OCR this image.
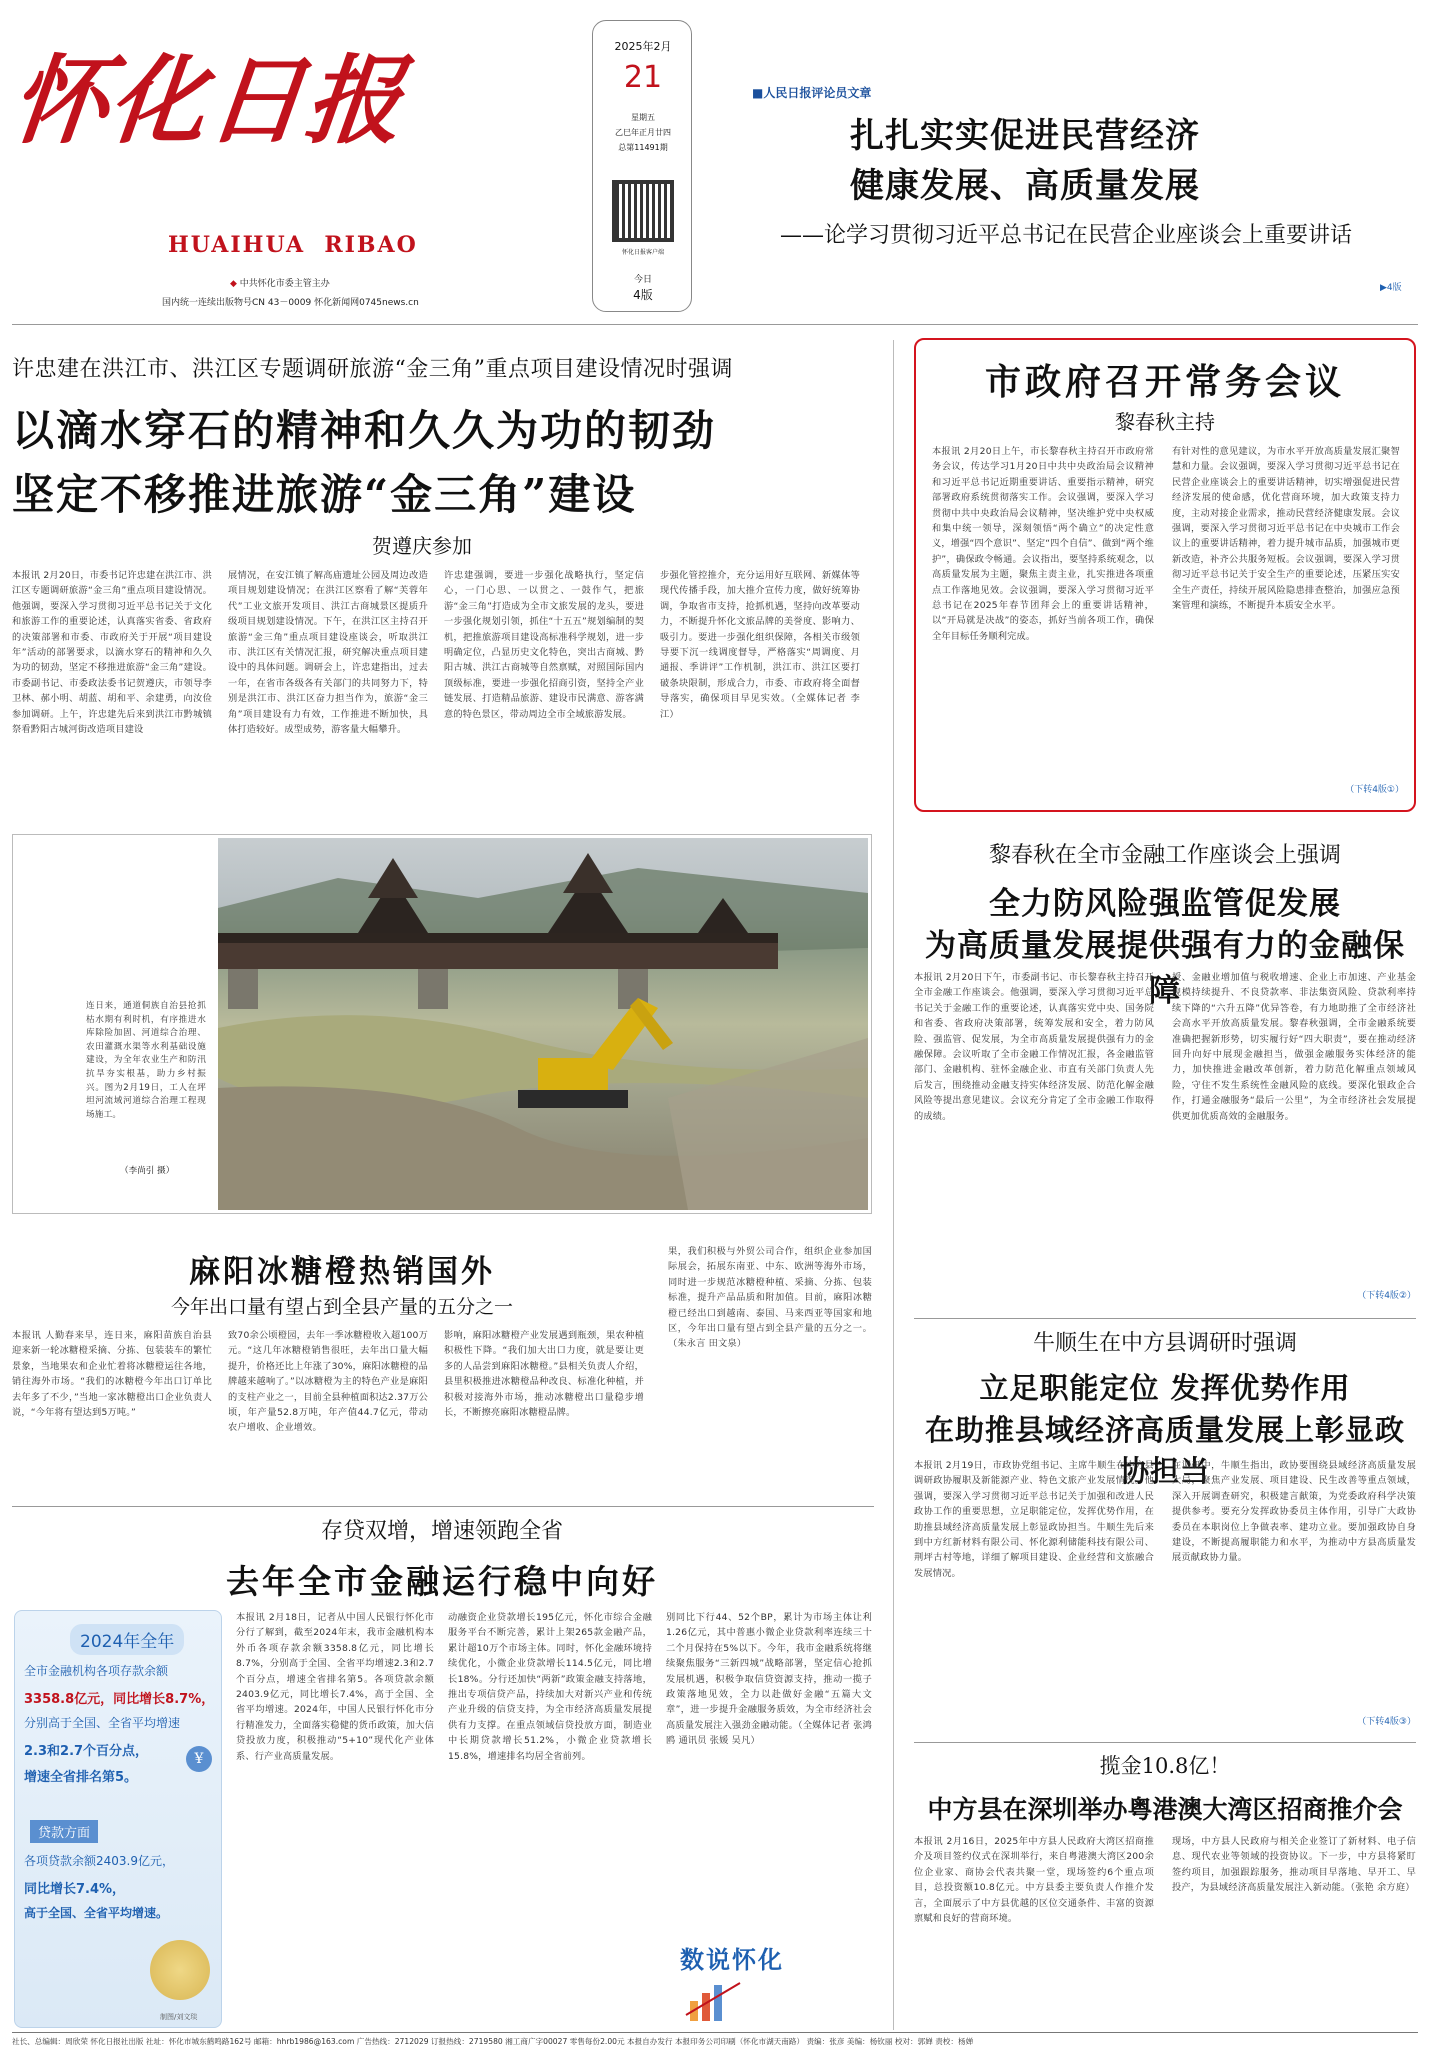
怀化日报
HUAIHUA  RIBAO
◆ 中共怀化市委主管主办
国内统一连续出版物号CN 43－0009 怀化新闻网0745news.cn
2025年2月
21
星期五
乙巳年正月廿四
总第11491期
怀化日报客户端
今日
4版
■人民日报评论员文章
扎扎实实促进民营经济
健康发展、高质量发展
——论学习贯彻习近平总书记在民营企业座谈会上重要讲话
▶4版
许忠建在洪江市、洪江区专题调研旅游“金三角”重点项目建设情况时强调
以滴水穿石的精神和久久为功的韧劲
坚定不移推进旅游“金三角”建设
贺遵庆参加
本报讯 2月20日，市委书记许忠建在洪江市、洪江区专题调研旅游“金三角”重点项目建设情况。他强调，要深入学习贯彻习近平总书记关于文化和旅游工作的重要论述，认真落实省委、省政府的决策部署和市委、市政府关于开展“项目建设年”活动的部署要求，以滴水穿石的精神和久久为功的韧劲，坚定不移推进旅游“金三角”建设。市委副书记、市委政法委书记贺遵庆，市领导李卫林、郝小明、胡蓝、胡和平、余建勇，向汝俭参加调研。上午，许忠建先后来到洪江市黔城镇祭看黔阳古城河街改造项目建设
展情况，在安江镇了解高庙遗址公园及周边改造项目规划建设情况；在洪江区察看了解“芙蓉年代”工业文旅开发项目、洪江古商城景区提质升级项目规划建设情况。下午，在洪江区主持召开旅游“金三角”重点项目建设座谈会，听取洪江市、洪江区有关情况汇报，研究解决重点项目建设中的具体问题。调研会上，许忠建指出，过去一年，在省市各级各有关部门的共同努力下，特别是洪江市、洪江区奋力担当作为，旅游“金三角”项目建设有力有效，工作推进不断加快，具体打造较好。成型成势，游客量大幅攀升。
许忠建强调，要进一步强化战略执行，坚定信心，一门心思、一以贯之、一鼓作气，把旅游“金三角”打造成为全市文旅发展的龙头，要进一步强化规划引领，抓住“十五五”规划编制的契机，把推旅游项目建设高标准科学规划，进一步明确定位，凸显历史文化特色，突出古商城、黔阳古城、洪江古商城等自然禀赋，对照国际国内顶级标准，要进一步强化招商引资，坚持全产业链发展、打造精品旅游、建设市民满意、游客满意的特色景区，带动周边全市全域旅游发展。
步强化管控推介，充分运用好互联网、新媒体等现代传播手段，加大推介宣传力度，做好统筹协调，争取省市支持，抢抓机遇，坚持向改革要动力，不断提升怀化文旅品牌的美誉度、影响力、吸引力。要进一步强化组织保障，各相关市级领导要下沉一线调度督导，严格落实“周调度、月通报、季讲评”工作机制，洪江市、洪江区要打破条块限制，形成合力，市委、市政府将全面督导落实，确保项目早见实效。（全媒体记者 李江）
市政府召开常务会议
黎春秋主持
本报讯 2月20日上午，市长黎春秋主持召开市政府常务会议，传达学习1月20日中共中央政治局会议精神和习近平总书记近期重要讲话、重要指示精神，研究部署政府系统贯彻落实工作。会议强调，要深入学习贯彻中共中央政治局会议精神，坚决维护党中央权威和集中统一领导，深刻领悟“两个确立”的决定性意义，增强“四个意识”、坚定“四个自信”、做到“两个维护”，确保政令畅通。会议指出，要坚持系统观念，以高质量发展为主题，聚焦主责主业，扎实推进各项重点工作落地见效。会议强调，要深入学习贯彻习近平总书记在2025年春节团拜会上的重要讲话精神，以“开局就是决战”的姿态，抓好当前各项工作，确保全年目标任务顺利完成。
有针对性的意见建议，为市水平开放高质量发展汇聚智慧和力量。会议强调，要深入学习贯彻习近平总书记在民营企业座谈会上的重要讲话精神，切实增强促进民营经济发展的使命感，优化营商环境，加大政策支持力度，主动对接企业需求，推动民营经济健康发展。会议强调，要深入学习贯彻习近平总书记在中央城市工作会议上的重要讲话精神，着力提升城市品质，加强城市更新改造，补齐公共服务短板。会议强调，要深入学习贯彻习近平总书记关于安全生产的重要论述，压紧压实安全生产责任，持续开展风险隐患排查整治，加强应急预案管理和演练，不断提升本质安全水平。
（下转4版①）
连日来，通道侗族自治县抢抓枯水期有利时机，有序推进水库除险加固、河道综合治理、农田灌溉水渠等水利基础设施建设，为全年农业生产和防汛抗旱夯实根基，助力乡村振兴。图为2月19日，工人在坪坦河流域河道综合治理工程现场施工。
（李尚引 摄）
黎春秋在全市金融工作座谈会上强调
全力防风险强监管促发展
为高质量发展提供强有力的金融保障
本报讯 2月20日下午，市委副书记、市长黎春秋主持召开全市金融工作座谈会。他强调，要深入学习贯彻习近平总书记关于金融工作的重要论述，认真落实党中央、国务院和省委、省政府决策部署，统筹发展和安全，着力防风险、强监管、促发展，为全市高质量发展提供强有力的金融保障。会议听取了全市金融工作情况汇报，各金融监管部门、金融机构、驻怀金融企业、市直有关部门负责人先后发言，围绕推动金融支持实体经济发展、防范化解金融风险等提出意见建议。会议充分肯定了全市金融工作取得的成绩。
授、金融业增加值与税收增速、企业上市加速、产业基金规模持续提升、不良贷款率、非法集资风险、贷款利率持续下降的“六升五降”优异答卷，有力地助推了全市经济社会高水平开放高质量发展。黎春秋强调，全市金融系统要准确把握新形势，切实履行好“四大职责”，要在推动经济回升向好中展现金融担当，做强金融服务实体经济的能力，加快推进金融改革创新，着力防范化解重点领域风险，守住不发生系统性金融风险的底线。要深化银政企合作，打通金融服务“最后一公里”，为全市经济社会发展提供更加优质高效的金融服务。
（下转4版②）
麻阳冰糖橙热销国外
今年出口量有望占到全县产量的五分之一
本报讯 人勤春来早，连日来，麻阳苗族自治县迎来新一轮冰糖橙采摘、分拣、包装装车的繁忙景象，当地果农和企业忙着将冰糖橙运往各地，销往海外市场。“我们的冰糖橙今年出口订单比去年多了不少，”当地一家冰糖橙出口企业负责人说，“今年将有望达到5万吨。”
致70余公顷橙园，去年一季冰糖橙收入超100万元。“这几年冰糖橙销售很旺，去年出口量大幅提升，价格还比上年涨了30%，麻阳冰糖橙的品牌越来越响了。”以冰糖橙为主的特色产业是麻阳的支柱产业之一，目前全县种植面积达2.37万公顷，年产量52.8万吨，年产值44.7亿元，带动农户增收、企业增效。
影响，麻阳冰糖橙产业发展遇到瓶颈，果农种植积极性下降。“我们加大出口力度，就是要让更多的人品尝到麻阳冰糖橙。”县相关负责人介绍，县里积极推进冰糖橙品种改良、标准化种植，并积极对接海外市场，推动冰糖橙出口量稳步增长，不断擦亮麻阳冰糖橙品牌。
果，我们积极与外贸公司合作，组织企业参加国际展会，拓展东南亚、中东、欧洲等海外市场，同时进一步规范冰糖橙种植、采摘、分拣、包装标准，提升产品品质和附加值。目前，麻阳冰糖橙已经出口到越南、泰国、马来西亚等国家和地区，今年出口量有望占到全县产量的五分之一。（朱永言 田文泉）	牛顺生在中方县调研时强调
立足职能定位 发挥优势作用
在助推县域经济高质量发展上彰显政协担当
本报讯 2月19日，市政协党组书记、主席牛顺生在中方县调研政协履职及新能源产业、特色文旅产业发展情况。他强调，要深入学习贯彻习近平总书记关于加强和改进人民政协工作的重要思想，立足职能定位，发挥优势作用，在助推县域经济高质量发展上彰显政协担当。牛顺生先后来到中方红新材料有限公司、怀化源利储能科技有限公司、荆坪古村等地，详细了解项目建设、企业经营和文旅融合发展情况。
在调研中，牛顺生指出，政协要围绕县域经济高质量发展大局，聚焦产业发展、项目建设、民生改善等重点领域，深入开展调查研究，积极建言献策，为党委政府科学决策提供参考。要充分发挥政协委员主体作用，引导广大政协委员在本职岗位上争做表率、建功立业。要加强政协自身建设，不断提高履职能力和水平，为推动中方县高质量发展贡献政协力量。
（下转4版③）
存贷双增，增速领跑全省
去年全市金融运行稳中向好
2024年全年
全市金融机构各项存款余额
3358.8亿元，同比增长8.7%，
分别高于全国、全省平均增速
2.3和2.7个百分点，
增速全省排名第5。
¥
贷款方面
各项贷款余额2403.9亿元，
同比增长7.4%，
高于全国、全省平均增速。
制图/刘文琰
本报讯 2月18日，记者从中国人民银行怀化市分行了解到，截至2024年末，我市金融机构本外币各项存款余额3358.8亿元，同比增长8.7%，分别高于全国、全省平均增速2.3和2.7个百分点，增速全省排名第5。各项贷款余额2403.9亿元，同比增长7.4%，高于全国、全省平均增速。2024年，中国人民银行怀化市分行精准发力，全面落实稳健的货币政策，加大信贷投放力度，积极推动“5+10”现代化产业体系、行产业高质量发展。
动融资企业贷款增长195亿元，怀化市综合金融服务平台不断完善，累计上架265款金融产品，累计超10万个市场主体。同时，怀化金融环境持续优化，小微企业贷款增长114.5亿元，同比增长18%。分行还加快“两新”政策金融支持落地，推出专项信贷产品，持续加大对新兴产业和传统产业升级的信贷支持，为全市经济高质量发展提供有力支撑。在重点领域信贷投放方面，制造业中长期贷款增长51.2%，小微企业贷款增长15.8%，增速排名均居全省前列。
别同比下行44、52个BP，累计为市场主体让利1.26亿元，其中普惠小微企业贷款利率连续三十二个月保持在5%以下。今年，我市金融系统将继续聚焦服务“三新四城”战略部署，坚定信心抢抓发展机遇，积极争取信贷资源支持，推动一揽子政策落地见效，全力以赴做好金融“五篇大文章”，进一步提升金融服务质效，为全市经济社会高质量发展注入强劲金融动能。（全媒体记者 张鸿鸥 通讯员 张媛 吴凡）
数说怀化
揽金10.8亿！
中方县在深圳举办粤港澳大湾区招商推介会
本报讯 2月16日，2025年中方县人民政府大湾区招商推介及项目签约仪式在深圳举行，来自粤港澳大湾区200余位企业家、商协会代表共聚一堂，现场签约6个重点项目，总投资额10.8亿元。中方县委主要负责人作推介发言，全面展示了中方县优越的区位交通条件、丰富的资源禀赋和良好的营商环境。
现场，中方县人民政府与相关企业签订了新材料、电子信息、现代农业等领域的投资协议。下一步，中方县将紧盯签约项目，加强跟踪服务，推动项目早落地、早开工、早投产，为县域经济高质量发展注入新动能。（张艳 余方庭）
社长、总编辑：周欣荣 怀化日报社出版 社址：怀化市城东鹤鸣路162号 邮箱：hhrb1986@163.com 广告热线：2712029 订报热线：2719580 湘工商广字00027 零售每份2.00元 本报自办发行 本报印务公司印刷（怀化市湖天南路） 责编：张彦 美编：杨钦丽 校对：郭婵 责校：杨婵
